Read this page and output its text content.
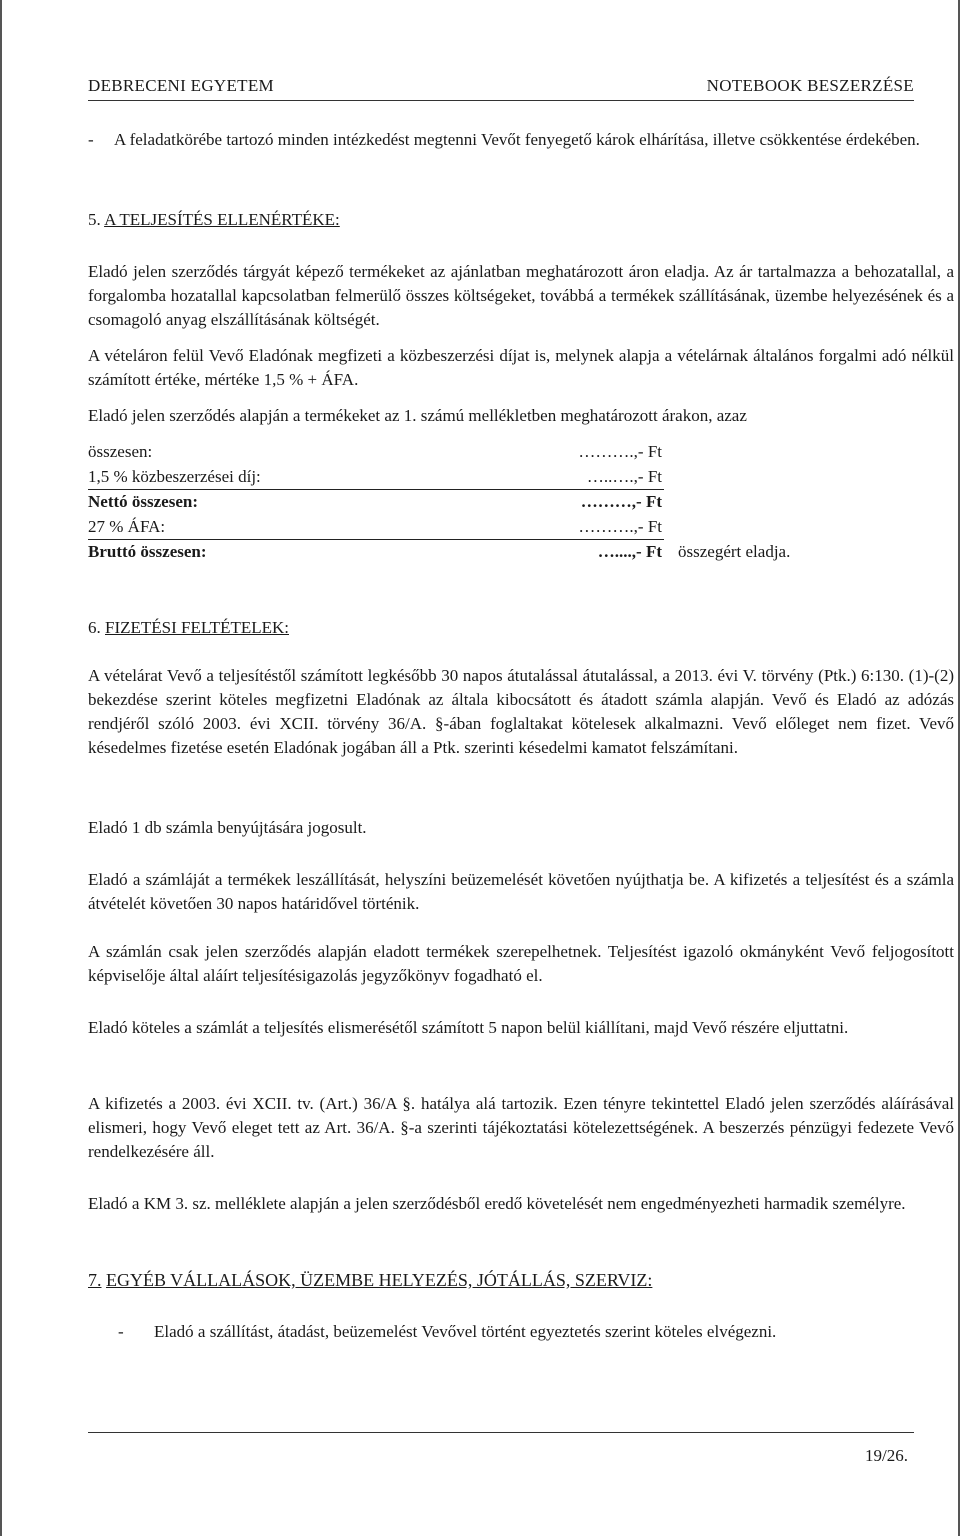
DEBRECENI EGYETEM	NOTEBOOK BESZERZÉSE
-	A feladatkörébe tartozó minden intézkedést megtenni Vevőt fenyegető károk elhárítása, illetve csökkentése érdekében.
5. A TELJESÍTÉS ELLENÉRTÉKE:

Eladó jelen szerződés tárgyát képező termékeket az ajánlatban meghatározott áron eladja. Az ár tartalmazza a behozatallal, a forgalomba hozatallal kapcsolatban felmerülő összes költségeket, továbbá a termékek szállításának, üzembe helyezésének és a csomagoló anyag elszállításának költségét.

A vételáron felül Vevő Eladónak megfizeti a közbeszerzési díjat is, melynek alapja a vételárnak általános forgalmi adó nélkül számított értéke, mértéke 1,5 % + ÁFA.

Eladó jelen szerződés alapján a termékeket az 1. számú mellékletben meghatározott árakon, azaz

összesen:	……….,- Ft
1,5 % közbeszerzései díj:	…..….,- Ft
Nettó összesen:	………,- Ft
27 % ÁFA:	……….,- Ft
Bruttó összesen:	…....,- Ft összegért eladja.
6. FIZETÉSI FELTÉTELEK:

A vételárat Vevő a teljesítéstől számított legkésőbb 30 napos átutalással átutalással, a 2013. évi V. törvény (Ptk.) 6:130. (1)-(2) bekezdése szerint köteles megfizetni Eladónak az általa kibocsátott és átadott számla alapján. Vevő és Eladó az adózás rendjéről szóló 2003. évi XCII. törvény 36/A. §-ában foglaltakat kötelesek alkalmazni. Vevő előleget nem fizet. Vevő késedelmes fizetése esetén Eladónak jogában áll a Ptk. szerinti késedelmi kamatot felszámítani.

Eladó 1 db számla benyújtására jogosult.

Eladó a számláját a termékek leszállítását, helyszíni beüzemelését követően nyújthatja be. A kifizetés a teljesítést és a számla átvételét követően 30 napos határidővel történik.

A számlán csak jelen szerződés alapján eladott termékek szerepelhetnek. Teljesítést igazoló okmányként Vevő feljogosított képviselője által aláírt teljesítésigazolás jegyzőkönyv fogadható el.

Eladó köteles a számlát a teljesítés elismerésétől számított 5 napon belül kiállítani, majd Vevő részére eljuttatni.

A kifizetés a 2003. évi XCII. tv. (Art.) 36/A §. hatálya alá tartozik. Ezen tényre tekintettel Eladó jelen szerződés aláírásával elismeri, hogy Vevő eleget tett az Art. 36/A. §-a szerinti tájékoztatási kötelezettségének. A beszerzés pénzügyi fedezete Vevő rendelkezésére áll.

Eladó a KM 3. sz. melléklete alapján a jelen szerződésből eredő követelését nem engedményezheti harmadik személyre.

7. EGYÉB VÁLLALÁSOK, ÜZEMBE HELYEZÉS, JÓTÁLLÁS, SZERVIZ:
-	Eladó a szállítást, átadást, beüzemelést Vevővel történt egyeztetés szerint köteles elvégezni.
19/26.
